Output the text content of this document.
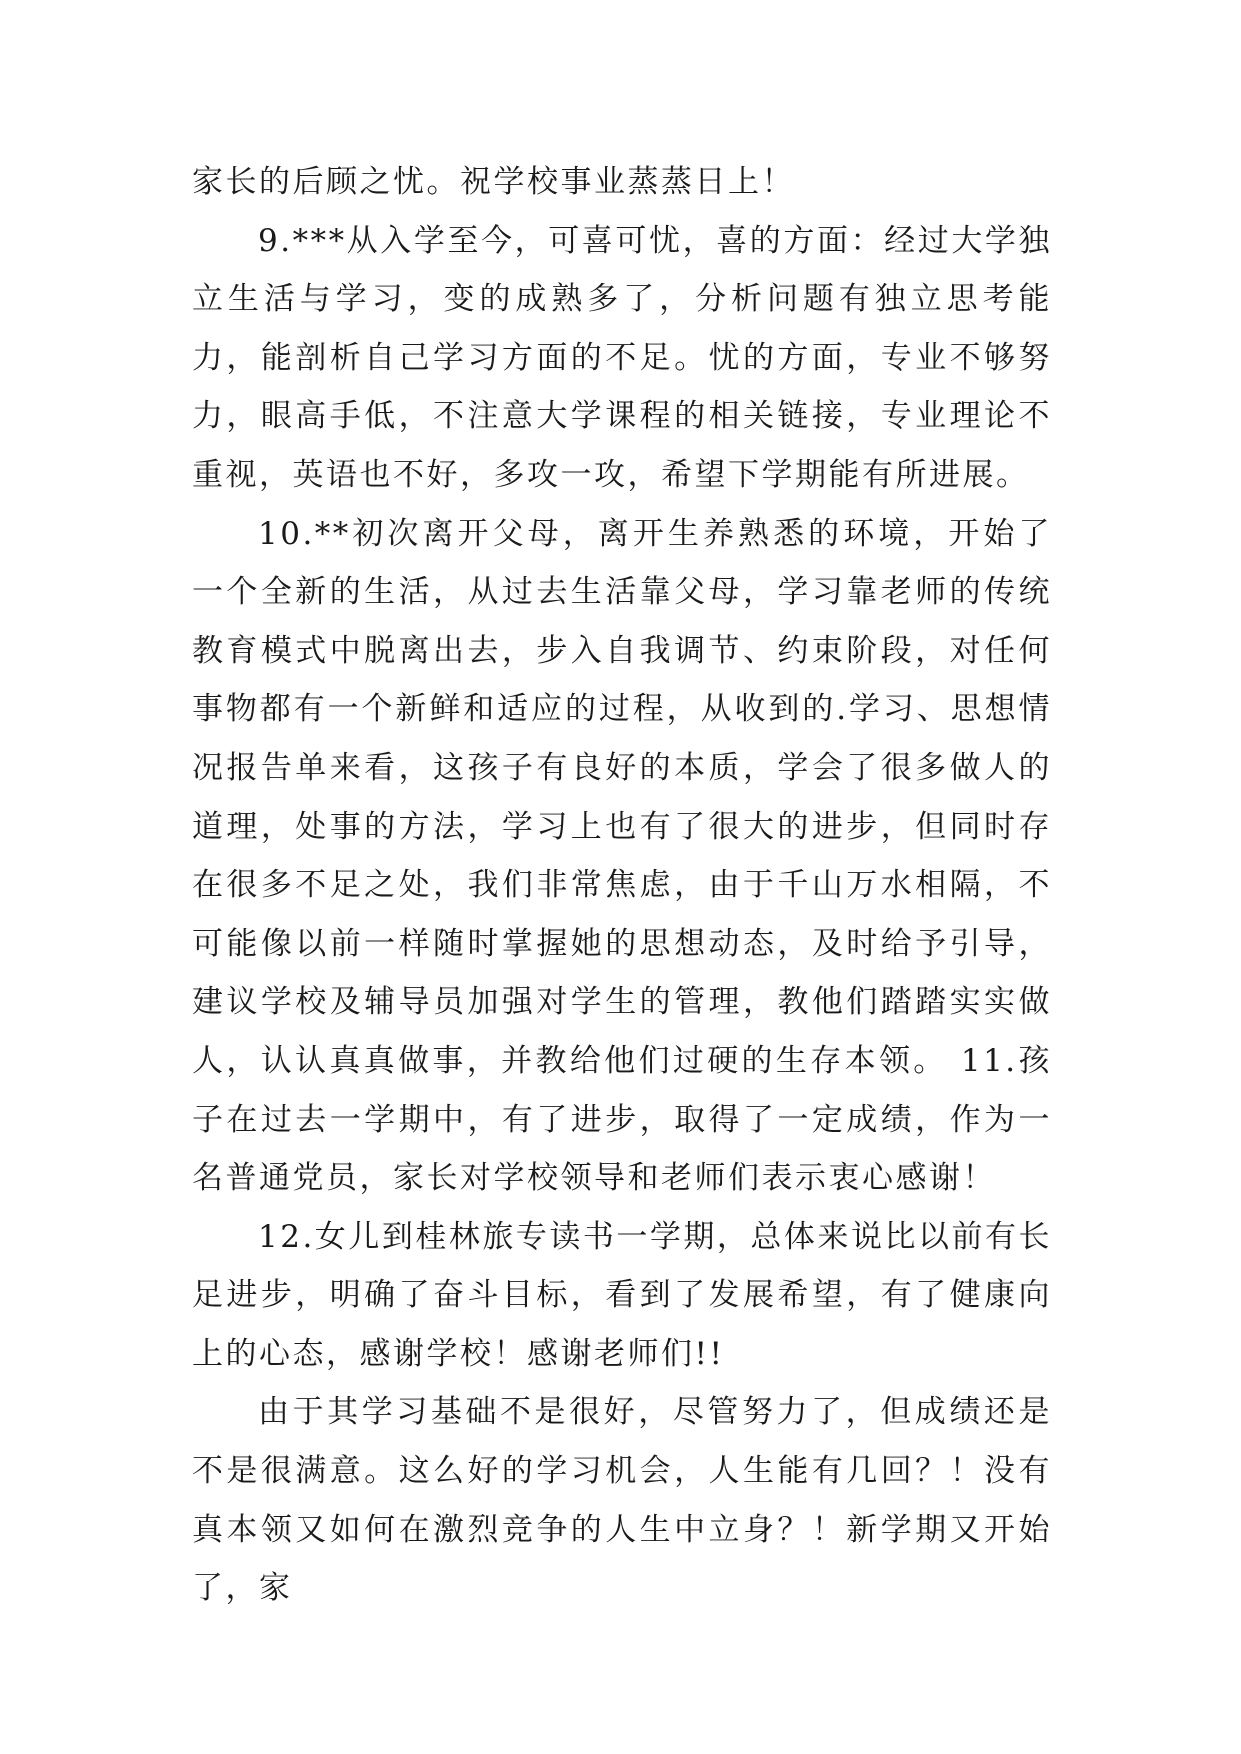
家长的后顾之忧。祝学校事业蒸蒸日上！

9.***从入学至今，可喜可忧，喜的方面：经过大学独立生活与学习，变的成熟多了，分析问题有独立思考能力，能剖析自己学习方面的不足。忧的方面，专业不够努力，眼高手低，不注意大学课程的相关链接，专业理论不重视，英语也不好，多攻一攻，希望下学期能有所进展。

10.**初次离开父母，离开生养熟悉的环境，开始了一个全新的生活，从过去生活靠父母，学习靠老师的传统教育模式中脱离出去，步入自我调节、约束阶段，对任何事物都有一个新鲜和适应的过程，从收到的.学习、思想情况报告单来看，这孩子有良好的本质，学会了很多做人的道理，处事的方法，学习上也有了很大的进步，但同时存在很多不足之处，我们非常焦虑，由于千山万水相隔，不可能像以前一样随时掌握她的思想动态，及时给予引导，建议学校及辅导员加强对学生的管理，教他们踏踏实实做人，认认真真做事，并教给他们过硬的生存本领。 11.孩子在过去一学期中，有了进步，取得了一定成绩，作为一名普通党员，家长对学校领导和老师们表示衷心感谢！

12.女儿到桂林旅专读书一学期，总体来说比以前有长足进步，明确了奋斗目标，看到了发展希望，有了健康向上的心态，感谢学校！感谢老师们!!

由于其学习基础不是很好，尽管努力了，但成绩还是不是很满意。这么好的学习机会，人生能有几回？！没有真本领又如何在激烈竞争的人生中立身？！新学期又开始了，家
